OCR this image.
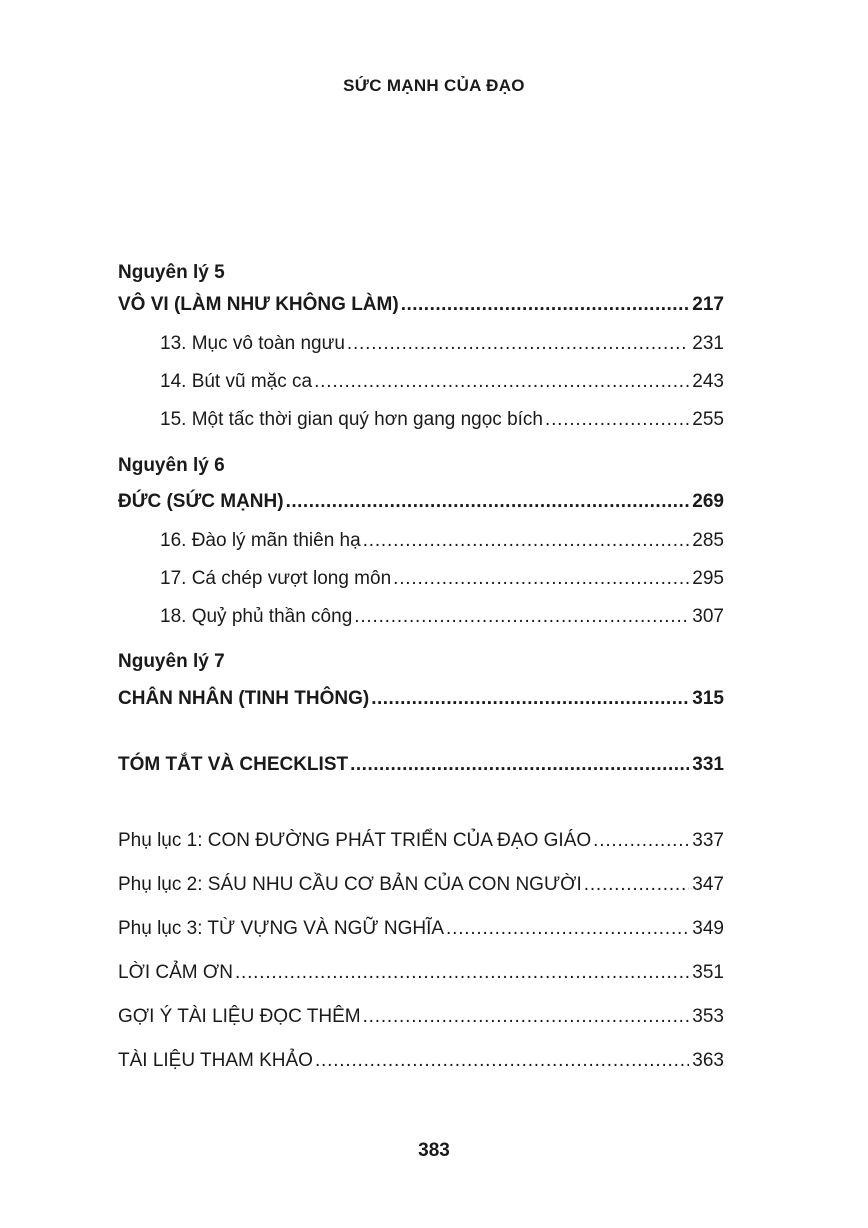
SỨC MẠNH CỦA ĐẠO
Nguyên lý 5
VÔ VI (LÀM NHƯ KHÔNG LÀM) .....	217
13. Mục vô toàn ngưu .....	231
14. Bút vũ mặc ca .....	243
15. Một tấc thời gian quý hơn gang ngọc bích .....	255
Nguyên lý 6
ĐỨC (SỨC MẠNH) .....	269
16. Đào lý mãn thiên hạ .....	285
17. Cá chép vượt long môn .....	295
18. Quỷ phủ thần công .....	307
Nguyên lý 7
CHÂN NHÂN (TINH THÔNG) .....	315
TÓM TẮT VÀ CHECKLIST .....	331
Phụ lục 1: CON ĐƯỜNG PHÁT TRIỂN CỦA ĐẠO GIÁO .....	337
Phụ lục 2: SÁU NHU CẦU CƠ BẢN CỦA CON NGƯỜI .....	347
Phụ lục 3: TỪ VỰNG VÀ NGỮ NGHĨA .....	349
LỜI CẢM ƠN .....	351
GỢI Ý TÀI LIỆU ĐỌC THÊM .....	353
TÀI LIỆU THAM KHẢO .....	363
383
